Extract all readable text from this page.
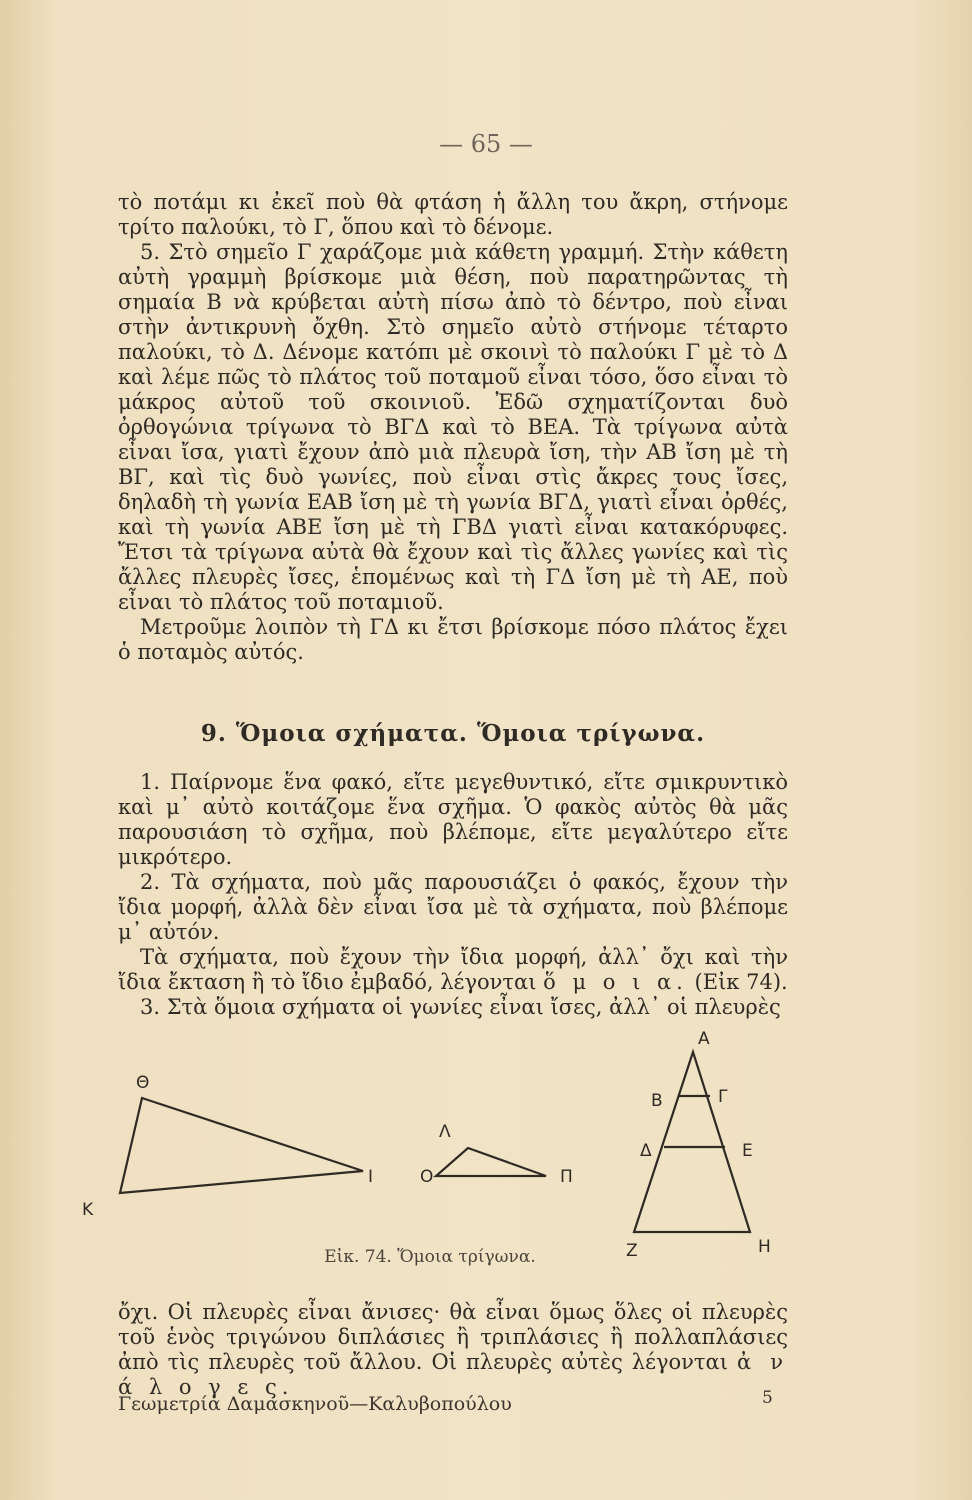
— 65 —

τὸ ποτάμι κι ἐκεῖ ποὺ θὰ φτάση ἡ ἄλλη του ἄκρη, στήνομε τρίτο παλούκι, τὸ Γ, ὅπου καὶ τὸ δένομε.

5. Στὸ σημεῖο Γ χαράζομε μιὰ κάθετη γραμμή. Στὴν κάθετη αὐτὴ γραμμὴ βρίσκομε μιὰ θέση, ποὺ παρατηρῶντας τὴ σημαία Β νὰ κρύβεται αὐτὴ πίσω ἀπὸ τὸ δέντρο, ποὺ εἶναι στὴν ἀντικρυνὴ ὄχθη. Στὸ σημεῖο αὐτὸ στήνομε τέταρτο παλούκι, τὸ Δ. Δένομε κατόπι μὲ σκοινὶ τὸ παλούκι Γ μὲ τὸ Δ καὶ λέμε πῶς τὸ πλάτος τοῦ ποταμοῦ εἶναι τόσο, ὅσο εἶναι τὸ μάκρος αὐτοῦ τοῦ σκοινιοῦ. Ἐδῶ σχηματίζονται δυὸ ὀρθογώνια τρίγωνα τὸ ΒΓΔ καὶ τὸ ΒΕΑ. Τὰ τρίγωνα αὐτὰ εἶναι ἴσα, γιατὶ ἔχουν ἀπὸ μιὰ πλευρὰ ἴση, τὴν ΑΒ ἴση μὲ τὴ ΒΓ, καὶ τὶς δυὸ γωνίες, ποὺ εἶναι στὶς ἄκρες τους ἴσες, δηλαδὴ τὴ γωνία ΕΑΒ ἴση μὲ τὴ γωνία ΒΓΔ, γιατὶ εἶναι ὀρθές, καὶ τὴ γωνία ΑΒΕ ἴση μὲ τὴ ΓΒΔ γιατὶ εἶναι κατακόρυφες. Ἔτσι τὰ τρίγωνα αὐτὰ θὰ ἔχουν καὶ τὶς ἄλλες γωνίες καὶ τὶς ἄλλες πλευρὲς ἴσες, ἑπομένως καὶ τὴ ΓΔ ἴση μὲ τὴ ΑΕ, ποὺ εἶναι τὸ πλάτος τοῦ ποταμιοῦ.

Μετροῦμε λοιπὸν τὴ ΓΔ κι ἔτσι βρίσκομε πόσο πλάτος ἔχει ὁ ποταμὸς αὐτός.

9. Ὅμοια σχήματα. Ὅμοια τρίγωνα.

1. Παίρνομε ἕνα φακό, εἴτε μεγεθυντικό, εἴτε σμικρυντικὸ καὶ μ᾽ αὐτὸ κοιτάζομε ἕνα σχῆμα. Ὁ φακὸς αὐτὸς θὰ μᾶς παρουσιάση τὸ σχῆμα, ποὺ βλέπομε, εἴτε μεγαλύτερο εἴτε μικρότερο.

2. Τὰ σχήματα, ποὺ μᾶς παρουσιάζει ὁ φακός, ἔχουν τὴν ἴδια μορφή, ἀλλὰ δὲν εἶναι ἴσα μὲ τὰ σχήματα, ποὺ βλέπομε μ᾽ αὐτόν.

Τὰ σχήματα, ποὺ ἔχουν τὴν ἴδια μορφή, ἀλλ᾽ ὄχι καὶ τὴν ἴδια ἔκταση ἢ τὸ ἴδιο ἐμβαδό, λέγονται ὅ μ ο ι α. (Εἰκ 74).

3. Στὰ ὅμοια σχήματα οἱ γωνίες εἶναι ἴσες, ἀλλ᾽ οἱ πλευρὲς

Θ
Κ
Ι
Λ
Ο	Π
Α
Β	Γ
Δ	Ε
Ζ	Η
Εἰκ. 74. Ὅμοια τρίγωνα.

ὄχι. Οἱ πλευρὲς εἶναι ἄνισες· θὰ εἶναι ὅμως ὅλες οἱ πλευρὲς τοῦ ἑνὸς τριγώνου διπλάσιες ἢ τριπλάσιες ἢ πολλαπλάσιες ἀπὸ τὶς πλευρὲς τοῦ ἄλλου. Οἱ πλευρὲς αὐτὲς λέγονται ἀ ν ά λ ο γ ε ς.

Γεωμετρία Δαμασκηνοῦ—Καλυβοπούλου	5
